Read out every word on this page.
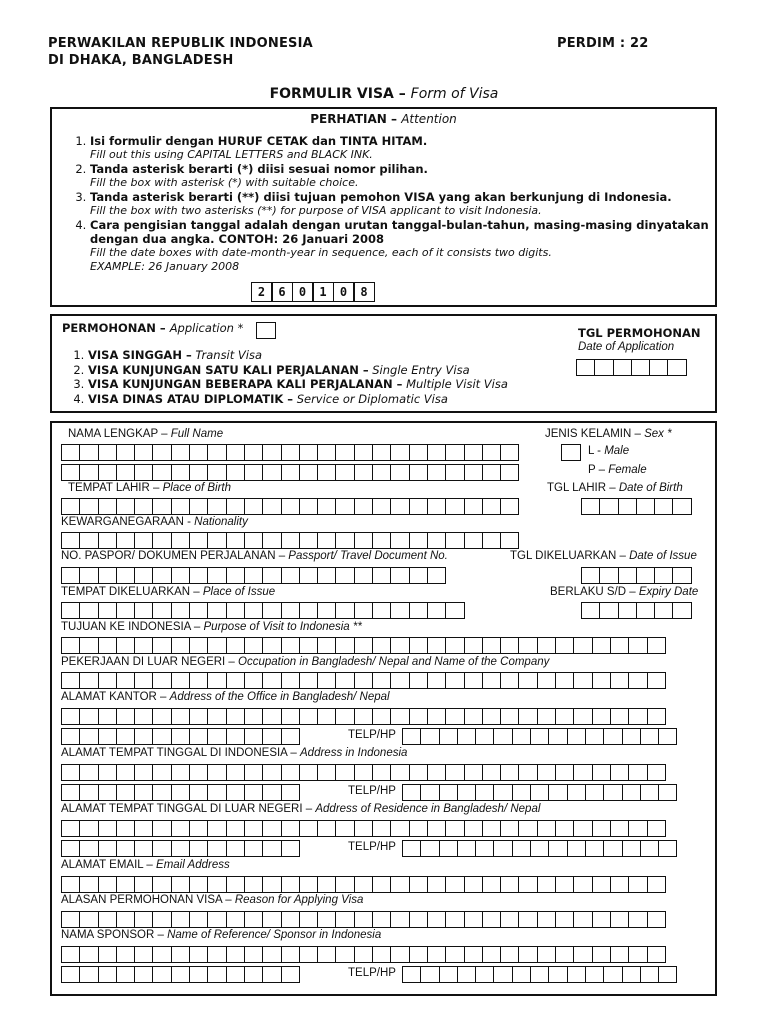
PERWAKILAN REPUBLIK INDONESIA
DI DHAKA, BANGLADESH
PERDIM : 22
FORMULIR VISA – Form of Visa
PERHATIAN – Attention
1. Isi formulir dengan HURUF CETAK dan TINTA HITAM.
Fill out this using CAPITAL LETTERS and BLACK INK.
2. Tanda asterisk berarti (*) diisi sesuai nomor pilihan.
Fill the box with asterisk (*) with suitable choice.
3. Tanda asterisk berarti (**) diisi tujuan pemohon VISA yang akan berkunjung di Indonesia.
Fill the box with two asterisks (**) for purpose of VISA applicant to visit Indonesia.
4. Cara pengisian tanggal adalah dengan urutan tanggal-bulan-tahun, masing-masing dinyatakan dengan dua angka. CONTOH: 26 Januari 2008
Fill the date boxes with date-month-year in sequence, each of it consists two digits.
EXAMPLE: 26 January 2008
2	6	0	1	0	8
PERMOHONAN – Application *
1. VISA SINGGAH – Transit Visa
2. VISA KUNJUNGAN SATU KALI PERJALANAN – Single Entry Visa
3. VISA KUNJUNGAN BEBERAPA KALI PERJALANAN – Multiple Visit Visa
4. VISA DINAS ATAU DIPLOMATIK – Service or Diplomatic Visa
TGL PERMOHONAN
Date of Application
NAMA LENGKAP – Full Name	JENIS KELAMIN – Sex *
L - Male
P – Female
TEMPAT LAHIR – Place of Birth	TGL LAHIR – Date of Birth
KEWARGANEGARAAN - Nationality
NO. PASPOR/ DOKUMEN PERJALANAN – Passport/ Travel Document No.	TGL DIKELUARKAN – Date of Issue
TEMPAT DIKELUARKAN – Place of Issue	BERLAKU S/D – Expiry Date
TUJUAN KE INDONESIA – Purpose of Visit to Indonesia **
PEKERJAAN DI LUAR NEGERI – Occupation in Bangladesh/ Nepal and Name of the Company
ALAMAT KANTOR – Address of the Office in Bangladesh/ Nepal
TELP/HP
ALAMAT TEMPAT TINGGAL DI INDONESIA – Address in Indonesia
TELP/HP
ALAMAT TEMPAT TINGGAL DI LUAR NEGERI – Address of Residence in Bangladesh/ Nepal
TELP/HP
ALAMAT EMAIL – Email Address
ALASAN PERMOHONAN VISA – Reason for Applying Visa
NAMA SPONSOR – Name of Reference/ Sponsor in Indonesia
TELP/HP
